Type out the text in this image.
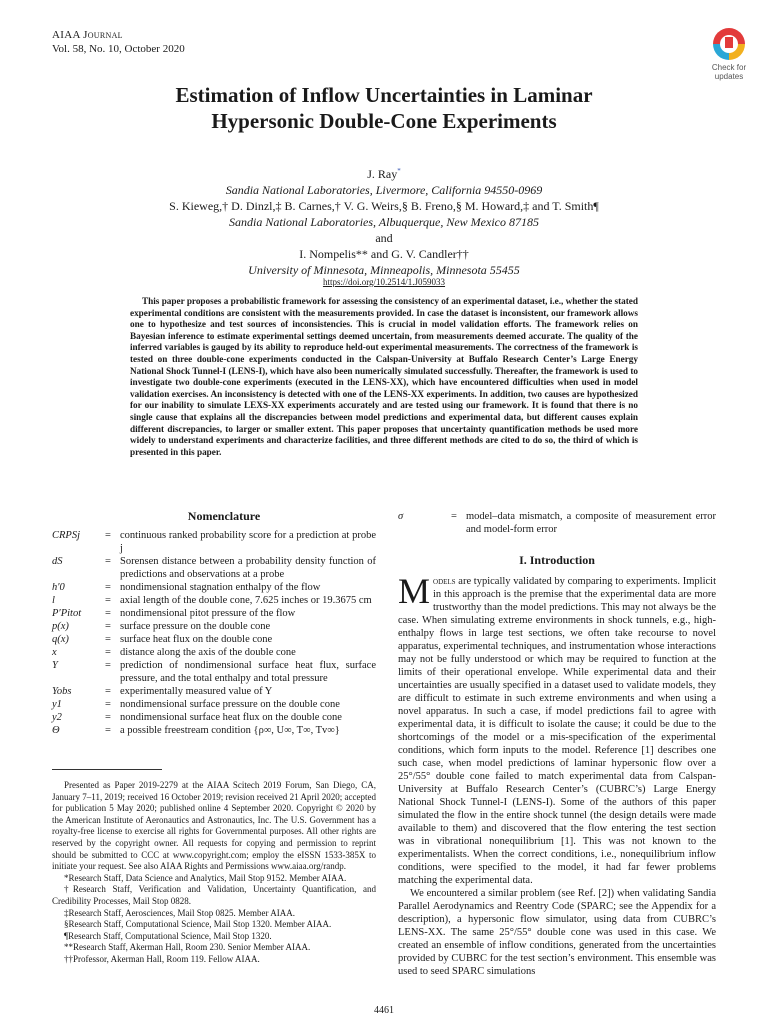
AIAA Journal
Vol. 58, No. 10, October 2020
Check for
updates
Estimation of Inflow Uncertainties in Laminar
Hypersonic Double-Cone Experiments
J. Ray*
Sandia National Laboratories, Livermore, California 94550-0969
S. Kieweg,† D. Dinzl,‡ B. Carnes,† V. G. Weirs,§ B. Freno,§ M. Howard,‡ and T. Smith¶
Sandia National Laboratories, Albuquerque, New Mexico 87185
and
I. Nompelis** and G. V. Candler††
University of Minnesota, Minneapolis, Minnesota 55455
https://doi.org/10.2514/1.J059033

This paper proposes a probabilistic framework for assessing the consistency of an experimental dataset, i.e., whether the stated experimental conditions are consistent with the measurements provided. In case the dataset is inconsistent, our framework allows one to hypothesize and test sources of inconsistencies. This is crucial in model validation efforts. The framework relies on Bayesian inference to estimate experimental settings deemed uncertain, from measurements deemed accurate. The quality of the inferred variables is gauged by its ability to reproduce held-out experimental measurements. The correctness of the framework is tested on three double-cone experiments conducted in the Calspan-University at Buffalo Research Center’s Large Energy National Shock Tunnel-I (LENS-I), which have also been numerically simulated successfully. Thereafter, the framework is used to investigate two double-cone experiments (executed in the LENS-XX), which have encountered difficulties when used in model validation exercises. An inconsistency is detected with one of the LENS-XX experiments. In addition, two causes are hypothesized for our inability to simulate LEXS-XX experiments accurately and are tested using our framework. It is found that there is no single cause that explains all the discrepancies between model predictions and experimental data, but different causes explain different discrepancies, to larger or smaller extent. This paper proposes that uncertainty quantification methods be used more widely to understand experiments and characterize facilities, and three different methods are cited to do so, the third of which is presented in this paper.

Nomenclature
CRPSj	= continuous ranked probability score for a prediction at probe j
dS	= Sorensen distance between a probability density function of predictions and observations at a probe
h′0	= nondimensional stagnation enthalpy of the flow
l	= axial length of the double cone, 7.625 inches or 19.3675 cm
P′Pitot	= nondimensional pitot pressure of the flow
p(x)	= surface pressure on the double cone
q(x)	= surface heat flux on the double cone
x	= distance along the axis of the double cone
Y	= prediction of nondimensional surface heat flux, surface pressure, and the total enthalpy and total pressure
Yobs	= experimentally measured value of Y
y1	= nondimensional surface pressure on the double cone
y2	= nondimensional surface heat flux on the double cone
Θ	= a possible freestream condition {ρ∞, U∞, T∞, Tv∞}
Presented as Paper 2019-2279 at the AIAA Scitech 2019 Forum, San Diego, CA, January 7–11, 2019; received 16 October 2019; revision received 21 April 2020; accepted for publication 5 May 2020; published online 4 September 2020. Copyright © 2020 by the American Institute of Aeronautics and Astronautics, Inc. The U.S. Government has a royalty-free license to exercise all rights for Governmental purposes. All other rights are reserved by the copyright owner. All requests for copying and permission to reprint should be submitted to CCC at www.copyright.com; employ the eISSN 1533-385X to initiate your request. See also AIAA Rights and Permissions www.aiaa.org/randp.
*Research Staff, Data Science and Analytics, Mail Stop 9152. Member AIAA.
†Research Staff, Verification and Validation, Uncertainty Quantification, and Credibility Processes, Mail Stop 0828.
‡Research Staff, Aerosciences, Mail Stop 0825. Member AIAA.
§Research Staff, Computational Science, Mail Stop 1320. Member AIAA.
¶Research Staff, Computational Science, Mail Stop 1320.
**Research Staff, Akerman Hall, Room 230. Senior Member AIAA.
††Professor, Akerman Hall, Room 119. Fellow AIAA.
σ	= model–data mismatch, a composite of measurement error and model-form error
I. Introduction

Models are typically validated by comparing to experiments. Implicit in this approach is the premise that the experimental data are more trustworthy than the model predictions. This may not always be the case. When simulating extreme environments in shock tunnels, e.g., high-enthalpy flows in large test sections, we often take recourse to novel apparatus, experimental techniques, and instrumentation whose interactions may not be fully understood or which may be required to function at the limits of their operational envelope. While experimental data and their uncertainties are usually specified in a dataset used to validate models, they are difficult to estimate in such extreme environments and when using a novel apparatus. In such a case, if model predictions fail to agree with experimental data, it is difficult to isolate the cause; it could be due to the shortcomings of the model or a mis-specification of the experimental conditions, which form inputs to the model. Reference [1] describes one such case, when model predictions of laminar hypersonic flow over a 25°/55° double cone failed to match experimental data from Calspan-University at Buffalo Research Center’s (CUBRC’s) Large Energy National Shock Tunnel-I (LENS-I). Some of the authors of this paper simulated the flow in the entire shock tunnel (the design details were made available to them) and discovered that the flow entering the test section was in vibrational nonequilibrium [1]. This was not known to the experimentalists. When the correct conditions, i.e., nonequilibrium inflow conditions, were specified to the model, it had far fewer problems matching the experimental data.

We encountered a similar problem (see Ref. [2]) when validating Sandia Parallel Aerodynamics and Reentry Code (SPARC; see the Appendix for a description), a hypersonic flow simulator, using data from CUBRC’s LENS-XX. The same 25°/55° double cone was used in this case. We created an ensemble of inflow conditions, generated from the uncertainties provided by CUBRC for the test section’s environment. This ensemble was used to seed SPARC simulations

4461
